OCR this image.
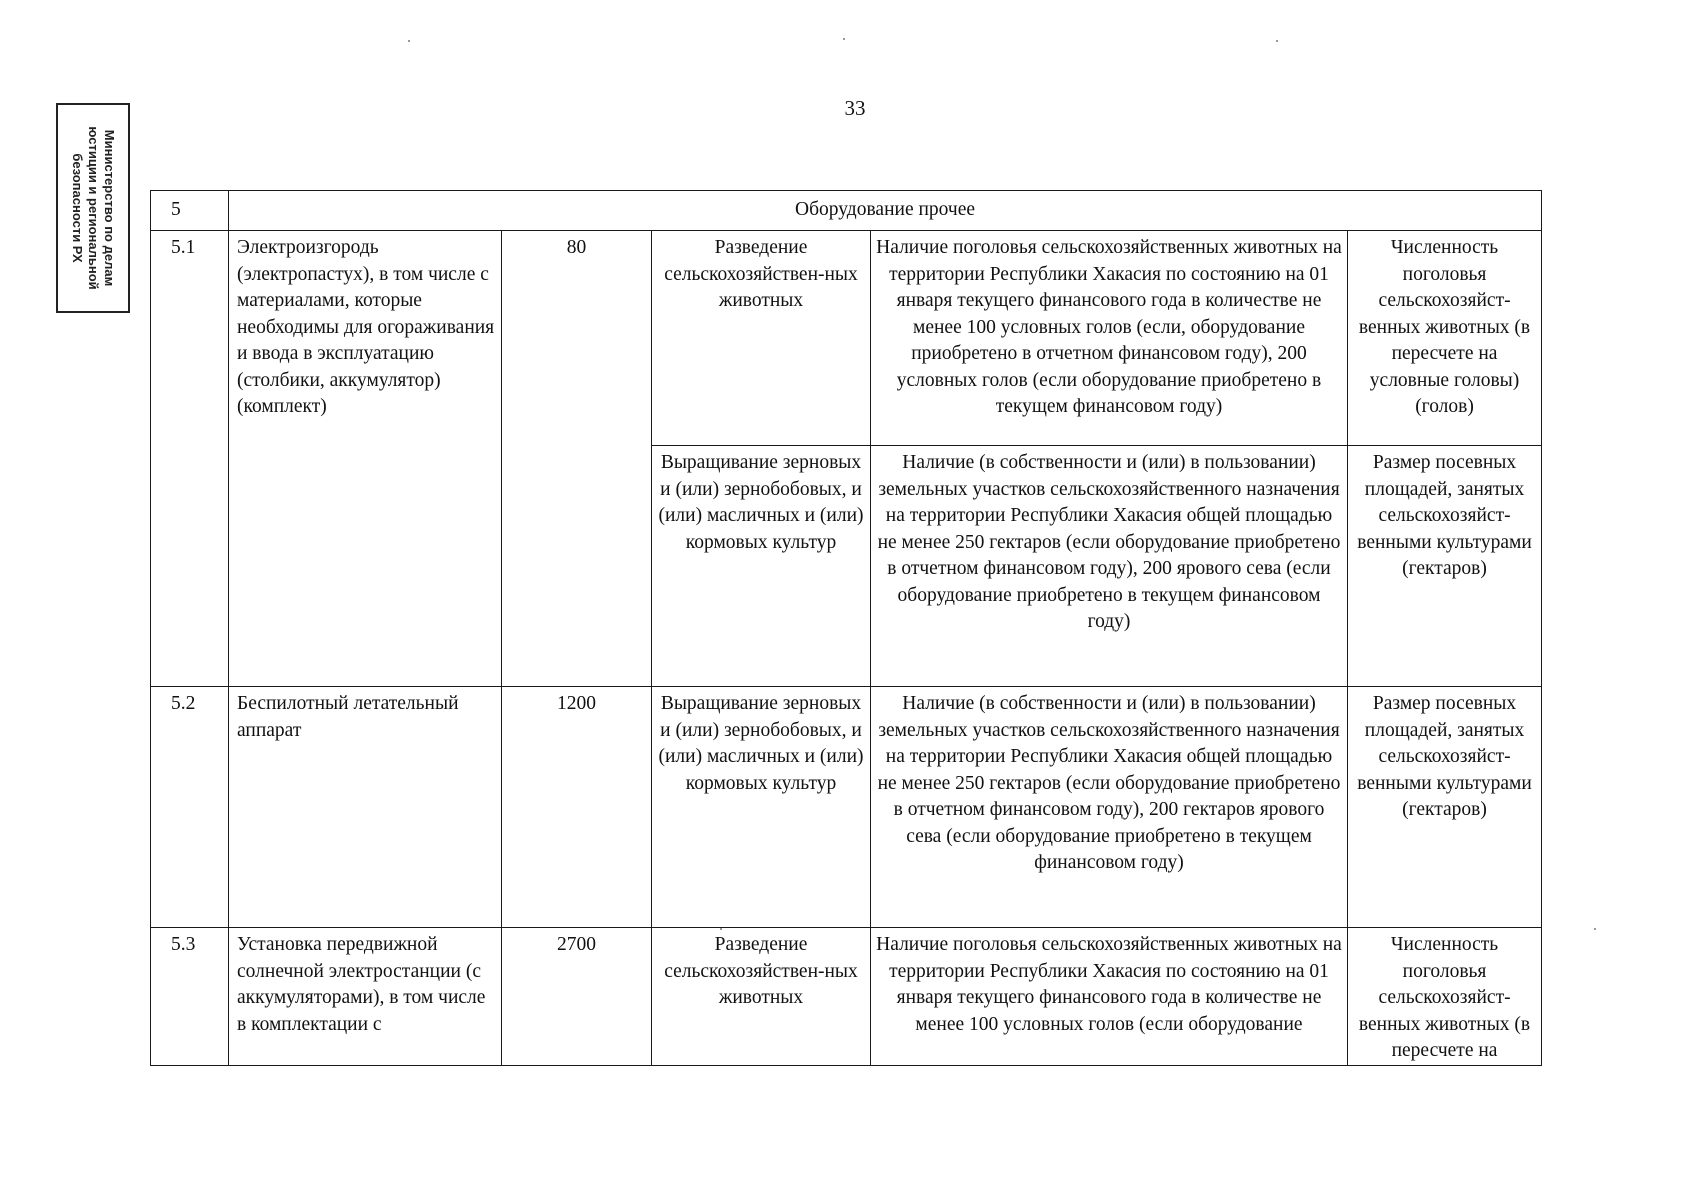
Министерство по делам юстиции и региональной безопасности РХ
33
5	Оборудование прочее				
5.1	Электроизгородь (электропастух), в том числе с материалами, которые необходимы для огораживания и ввода в эксплуатацию (столбики, аккумулятор) (комплект)	80	Разведение сельскохозяйствен-ных животных	Наличие поголовья сельскохозяйственных животных на территории Республики Хакасия по состоянию на 01 января текущего финансового года в количестве не менее 100 условных голов (если, оборудование приобретено в отчетном финансовом году), 200 условных голов (если оборудование приобретено в текущем финансовом году)	Численность поголовья сельскохозяйст-венных животных (в пересчете на условные головы) (голов)
			Выращивание зерновых и (или) зернобобовых, и (или) масличных и (или) кормовых культур	Наличие (в собственности и (или) в пользовании) земельных участков сельскохозяйственного назначения на территории Республики Хакасия общей площадью не менее 250 гектаров (если оборудование приобретено в отчетном финансовом году), 200 ярового сева (если оборудование приобретено в текущем финансовом году)	Размер посевных площадей, занятых сельскохозяйст-венными культурами (гектаров)
5.2	Беспилотный летательный аппарат	1200	Выращивание зерновых и (или) зернобобовых, и (или) масличных и (или) кормовых культур	Наличие (в собственности и (или) в пользовании) земельных участков сельскохозяйственного назначения на территории Республики Хакасия общей площадью не менее 250 гектаров (если оборудование приобретено в отчетном финансовом году), 200 гектаров ярового сева (если оборудование приобретено в текущем финансовом году)	Размер посевных площадей, занятых сельскохозяйст-венными культурами (гектаров)
5.3	Установка передвижной солнечной электростанции (с аккумуляторами), в том числе в комплектации с	2700	Разведение сельскохозяйствен-ных животных	Наличие поголовья сельскохозяйственных животных на территории Республики Хакасия по состоянию на 01 января текущего финансового года в количестве не менее 100 условных голов (если оборудование	Численность поголовья сельскохозяйст-венных животных (в пересчете на
